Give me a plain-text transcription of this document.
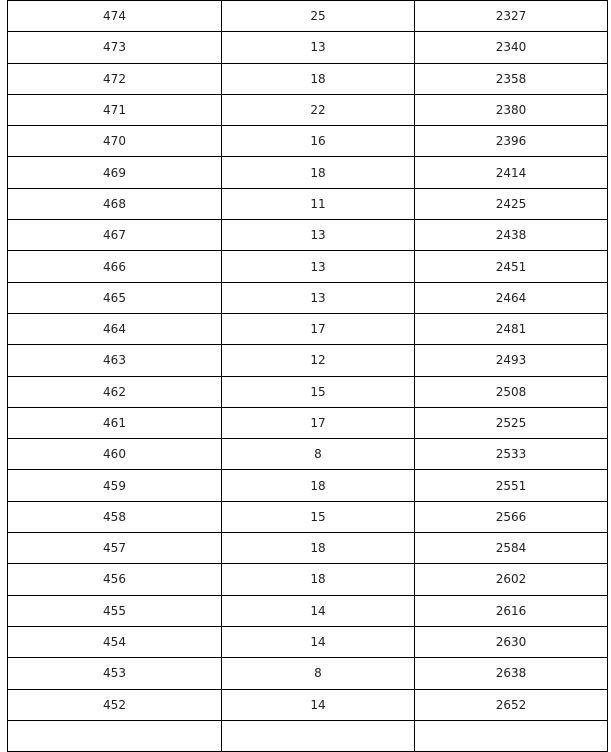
474	25	2327
473	13	2340
472	18	2358
471	22	2380
470	16	2396
469	18	2414
468	11	2425
467	13	2438
466	13	2451
465	13	2464
464	17	2481
463	12	2493
462	15	2508
461	17	2525
460	8	2533
459	18	2551
458	15	2566
457	18	2584
456	18	2602
455	14	2616
454	14	2630
453	8	2638
452	14	2652
